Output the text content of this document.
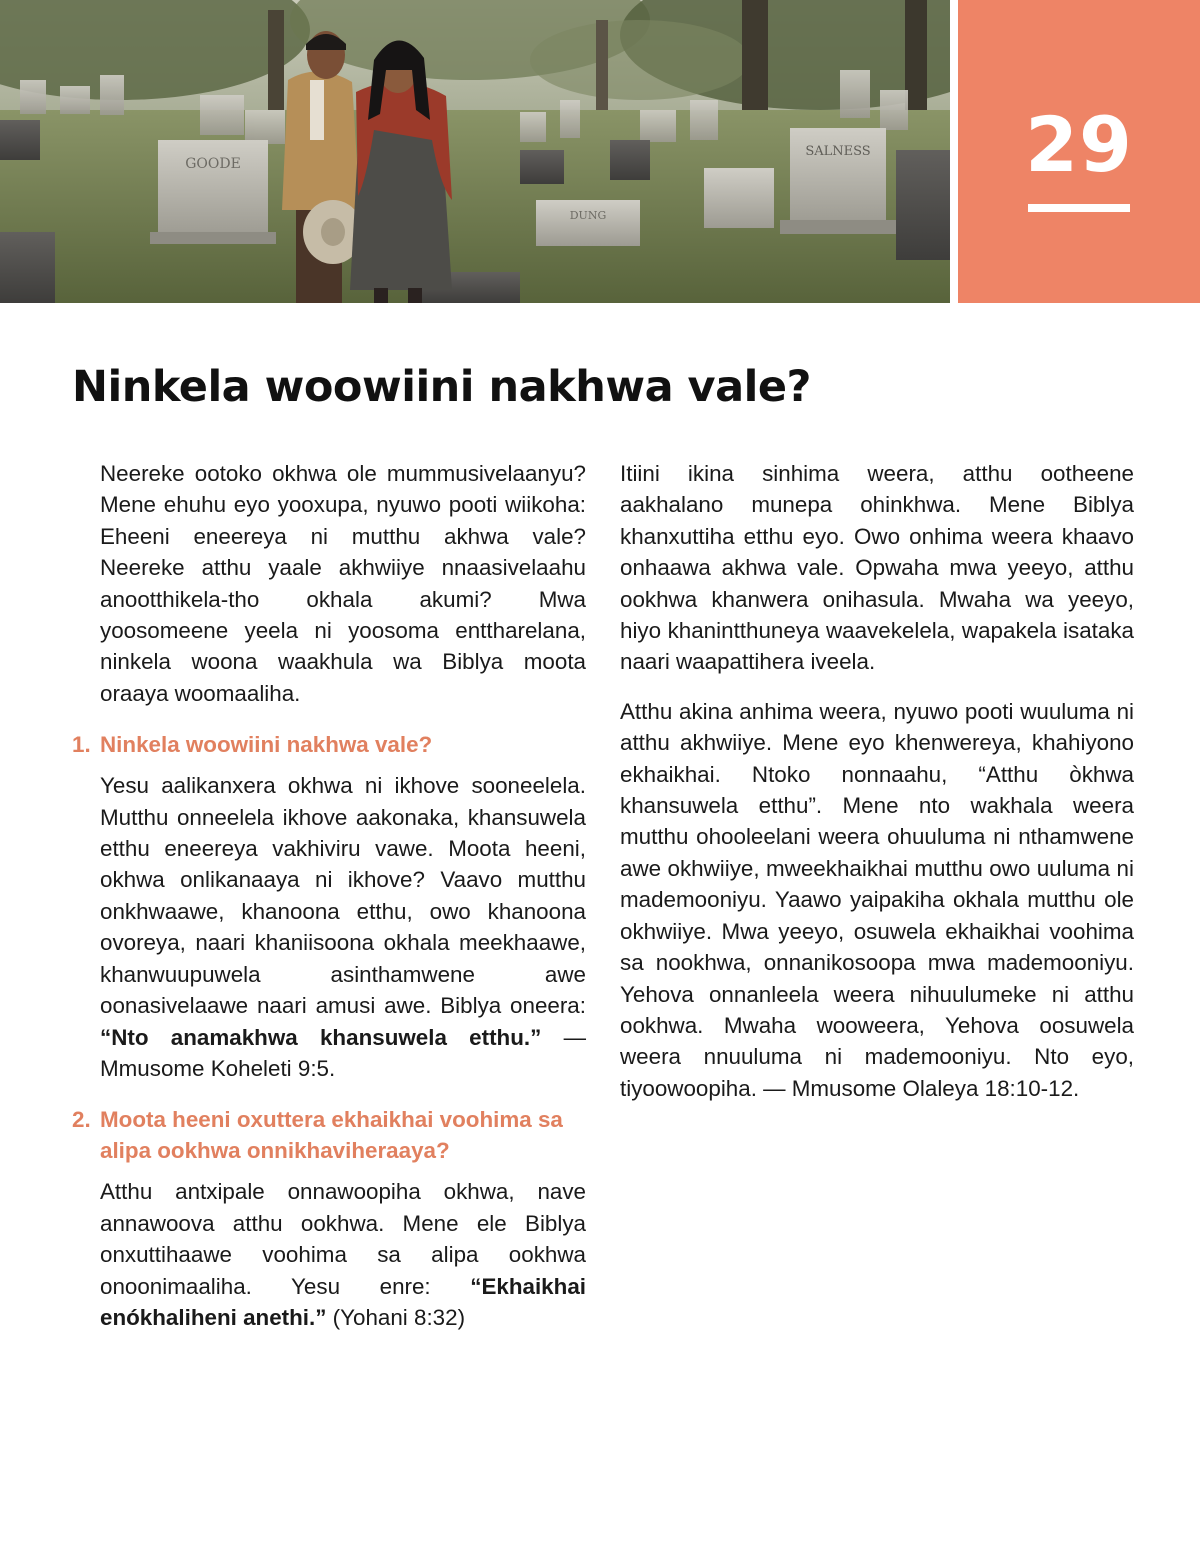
GOODE
SALNESS
DUNG
29
Ninkela woowiini nakhwa vale?

Neereke ootoko okhwa ole mummusivelaanyu? Mene ehuhu eyo yooxupa, nyuwo pooti wiikoha: Eheeni eneereya ni mutthu akhwa vale? Neereke atthu yaale akhwiiye nnaasivelaahu anootthikela-tho okhala akumi? Mwa yoosomeene yeela ni yoosoma enttharelana, ninkela woona waakhula wa Biblya moota oraaya woomaaliha.

1. Ninkela woowiini nakhwa vale?

Yesu aalikanxera okhwa ni ikhove sooneelela. Mutthu onneelela ikhove aakonaka, khansuwela etthu eneereya vakhiviru vawe. Moota heeni, okhwa onlikanaaya ni ikhove? Vaavo mutthu onkhwaawe, khanoona etthu, owo khanoona ovoreya, naari khaniisoona okhala meekhaawe, khanwuupuwela asinthamwene awe oonasivelaawe naari amusi awe. Biblya oneera: “Nto anamakhwa khansuwela etthu.” — Mmusome Koheleti 9:5.

2. Moota heeni oxuttera ekhaikhai voohima sa alipa ookhwa onnikhaviheraaya?

Atthu antxipale onnawoopiha okhwa, nave annawoova atthu ookhwa. Mene ele Biblya onxuttihaawe voohima sa alipa ookhwa onoonimaaliha. Yesu enre: “Ekhaikhai enókhaliheni anethi.” (Yohani 8:32)

Itiini ikina sinhima weera, atthu ootheene aakhalano munepa ohinkhwa. Mene Biblya khanxuttiha etthu eyo. Owo onhima weera khaavo onhaawa akhwa vale. Opwaha mwa yeeyo, atthu ookhwa khanwera onihasula. Mwaha wa yeeyo, hiyo khanintthuneya waavekelela, wapakela isataka naari waapattihera iveela.

Atthu akina anhima weera, nyuwo pooti wuuluma ni atthu akhwiiye. Mene eyo khenwereya, khahiyono ekhaikhai. Ntoko nonnaahu, “Atthu òkhwa khansuwela etthu”. Mene nto wakhala weera mutthu ohooleelani weera ohuuluma ni nthamwene awe okhwiiye, mweekhaikhai mutthu owo uuluma ni mademooniyu. Yaawo yaipakiha okhala mutthu ole okhwiiye. Mwa yeeyo, osuwela ekhaikhai voohima sa nookhwa, onnanikosoopa mwa mademooniyu. Yehova onnanleela weera nihuulumeke ni atthu ookhwa. Mwaha wooweera, Yehova oosuwela weera nnuuluma ni mademooniyu. Nto eyo, tiyoowoopiha. — Mmusome Olaleya 18:10-12.
